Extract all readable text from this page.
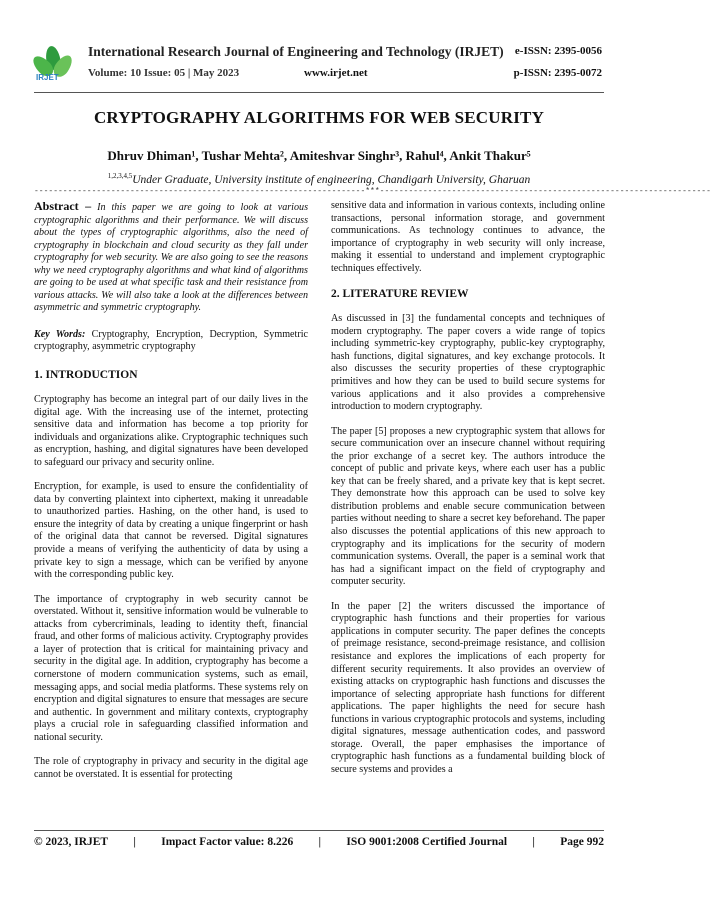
IRJET
International Research Journal of Engineering and Technology (IRJET)
Volume: 10 Issue: 05 | May 2023	www.irjet.net
e-ISSN: 2395-0056
p-ISSN: 2395-0072
CRYPTOGRAPHY ALGORITHMS FOR WEB SECURITY
Dhruv Dhiman¹, Tushar Mehta², Amiteshvar Singhr³, Rahul⁴, Ankit Thakur⁵
$^{1,2,3,4,5}$Under Graduate, University institute of engineering, Chandigarh University, Gharuan
---------------------------------------------------------------------***---------------------------------------------------------------------

Abstract – In this paper we are going to look at various cryptographic algorithms and their performance. We will discuss about the types of cryptographic algorithms, also the need of cryptography in blockchain and cloud security as they fall under cryptography for web security. We are also going to see the reasons why we need cryptography algorithms and what kind of algorithms are going to be used at what specific task and their resistance from various attacks. We will also take a look at the differences between asymmetric and symmetric cryptography.

Key Words: Cryptography, Encryption, Decryption, Symmetric cryptography, asymmetric cryptography

1. INTRODUCTION

Cryptography has become an integral part of our daily lives in the digital age. With the increasing use of the internet, protecting sensitive data and information has become a top priority for individuals and organizations alike. Cryptographic techniques such as encryption, hashing, and digital signatures have been developed to safeguard our privacy and security online.

Encryption, for example, is used to ensure the confidentiality of data by converting plaintext into ciphertext, making it unreadable to unauthorized parties. Hashing, on the other hand, is used to ensure the integrity of data by creating a unique fingerprint or hash of the original data that cannot be reversed. Digital signatures provide a means of verifying the authenticity of data by using a private key to sign a message, which can be verified by anyone with the corresponding public key.

The importance of cryptography in web security cannot be overstated. Without it, sensitive information would be vulnerable to attacks from cybercriminals, leading to identity theft, financial fraud, and other forms of malicious activity. Cryptography provides a layer of protection that is critical for maintaining privacy and security in the digital age. In addition, cryptography has become a cornerstone of modern communication systems, such as email, messaging apps, and social media platforms. These systems rely on encryption and digital signatures to ensure that messages are secure and authentic. In government and military contexts, cryptography plays a crucial role in safeguarding classified information and national security.

The role of cryptography in privacy and security in the digital age cannot be overstated. It is essential for protecting

sensitive data and information in various contexts, including online transactions, personal information storage, and government communications. As technology continues to advance, the importance of cryptography in web security will only increase, making it essential to understand and implement cryptographic techniques effectively.

2. LITERATURE REVIEW

As discussed in [3] the fundamental concepts and techniques of modern cryptography. The paper covers a wide range of topics including symmetric-key cryptography, public-key cryptography, hash functions, digital signatures, and key exchange protocols. It also discusses the security properties of these cryptographic primitives and how they can be used to build secure systems for various applications and it also provides a comprehensive introduction to modern cryptography.

The paper [5] proposes a new cryptographic system that allows for secure communication over an insecure channel without requiring the prior exchange of a secret key. The authors introduce the concept of public and private keys, where each user has a public key that can be freely shared, and a private key that is kept secret. They demonstrate how this approach can be used to solve key distribution problems and enable secure communication between parties without needing to share a secret key beforehand. The paper also discusses the potential applications of this new approach to cryptography and its implications for the security of modern communication systems. Overall, the paper is a seminal work that has had a significant impact on the field of cryptography and computer security.

In the paper [2] the writers discussed the importance of cryptographic hash functions and their properties for various applications in computer security. The paper defines the concepts of preimage resistance, second-preimage resistance, and collision resistance and explores the implications of each property for different security requirements. It also provides an overview of existing attacks on cryptographic hash functions and discusses the importance of selecting appropriate hash functions for different applications. The paper highlights the need for secure hash functions in various cryptographic protocols and systems, including digital signatures, message authentication codes, and password storage. Overall, the paper emphasises the importance of cryptographic hash functions as a fundamental building block of secure systems and provides a

© 2023, IRJET | Impact Factor value: 8.226 | ISO 9001:2008 Certified Journal | Page 992
